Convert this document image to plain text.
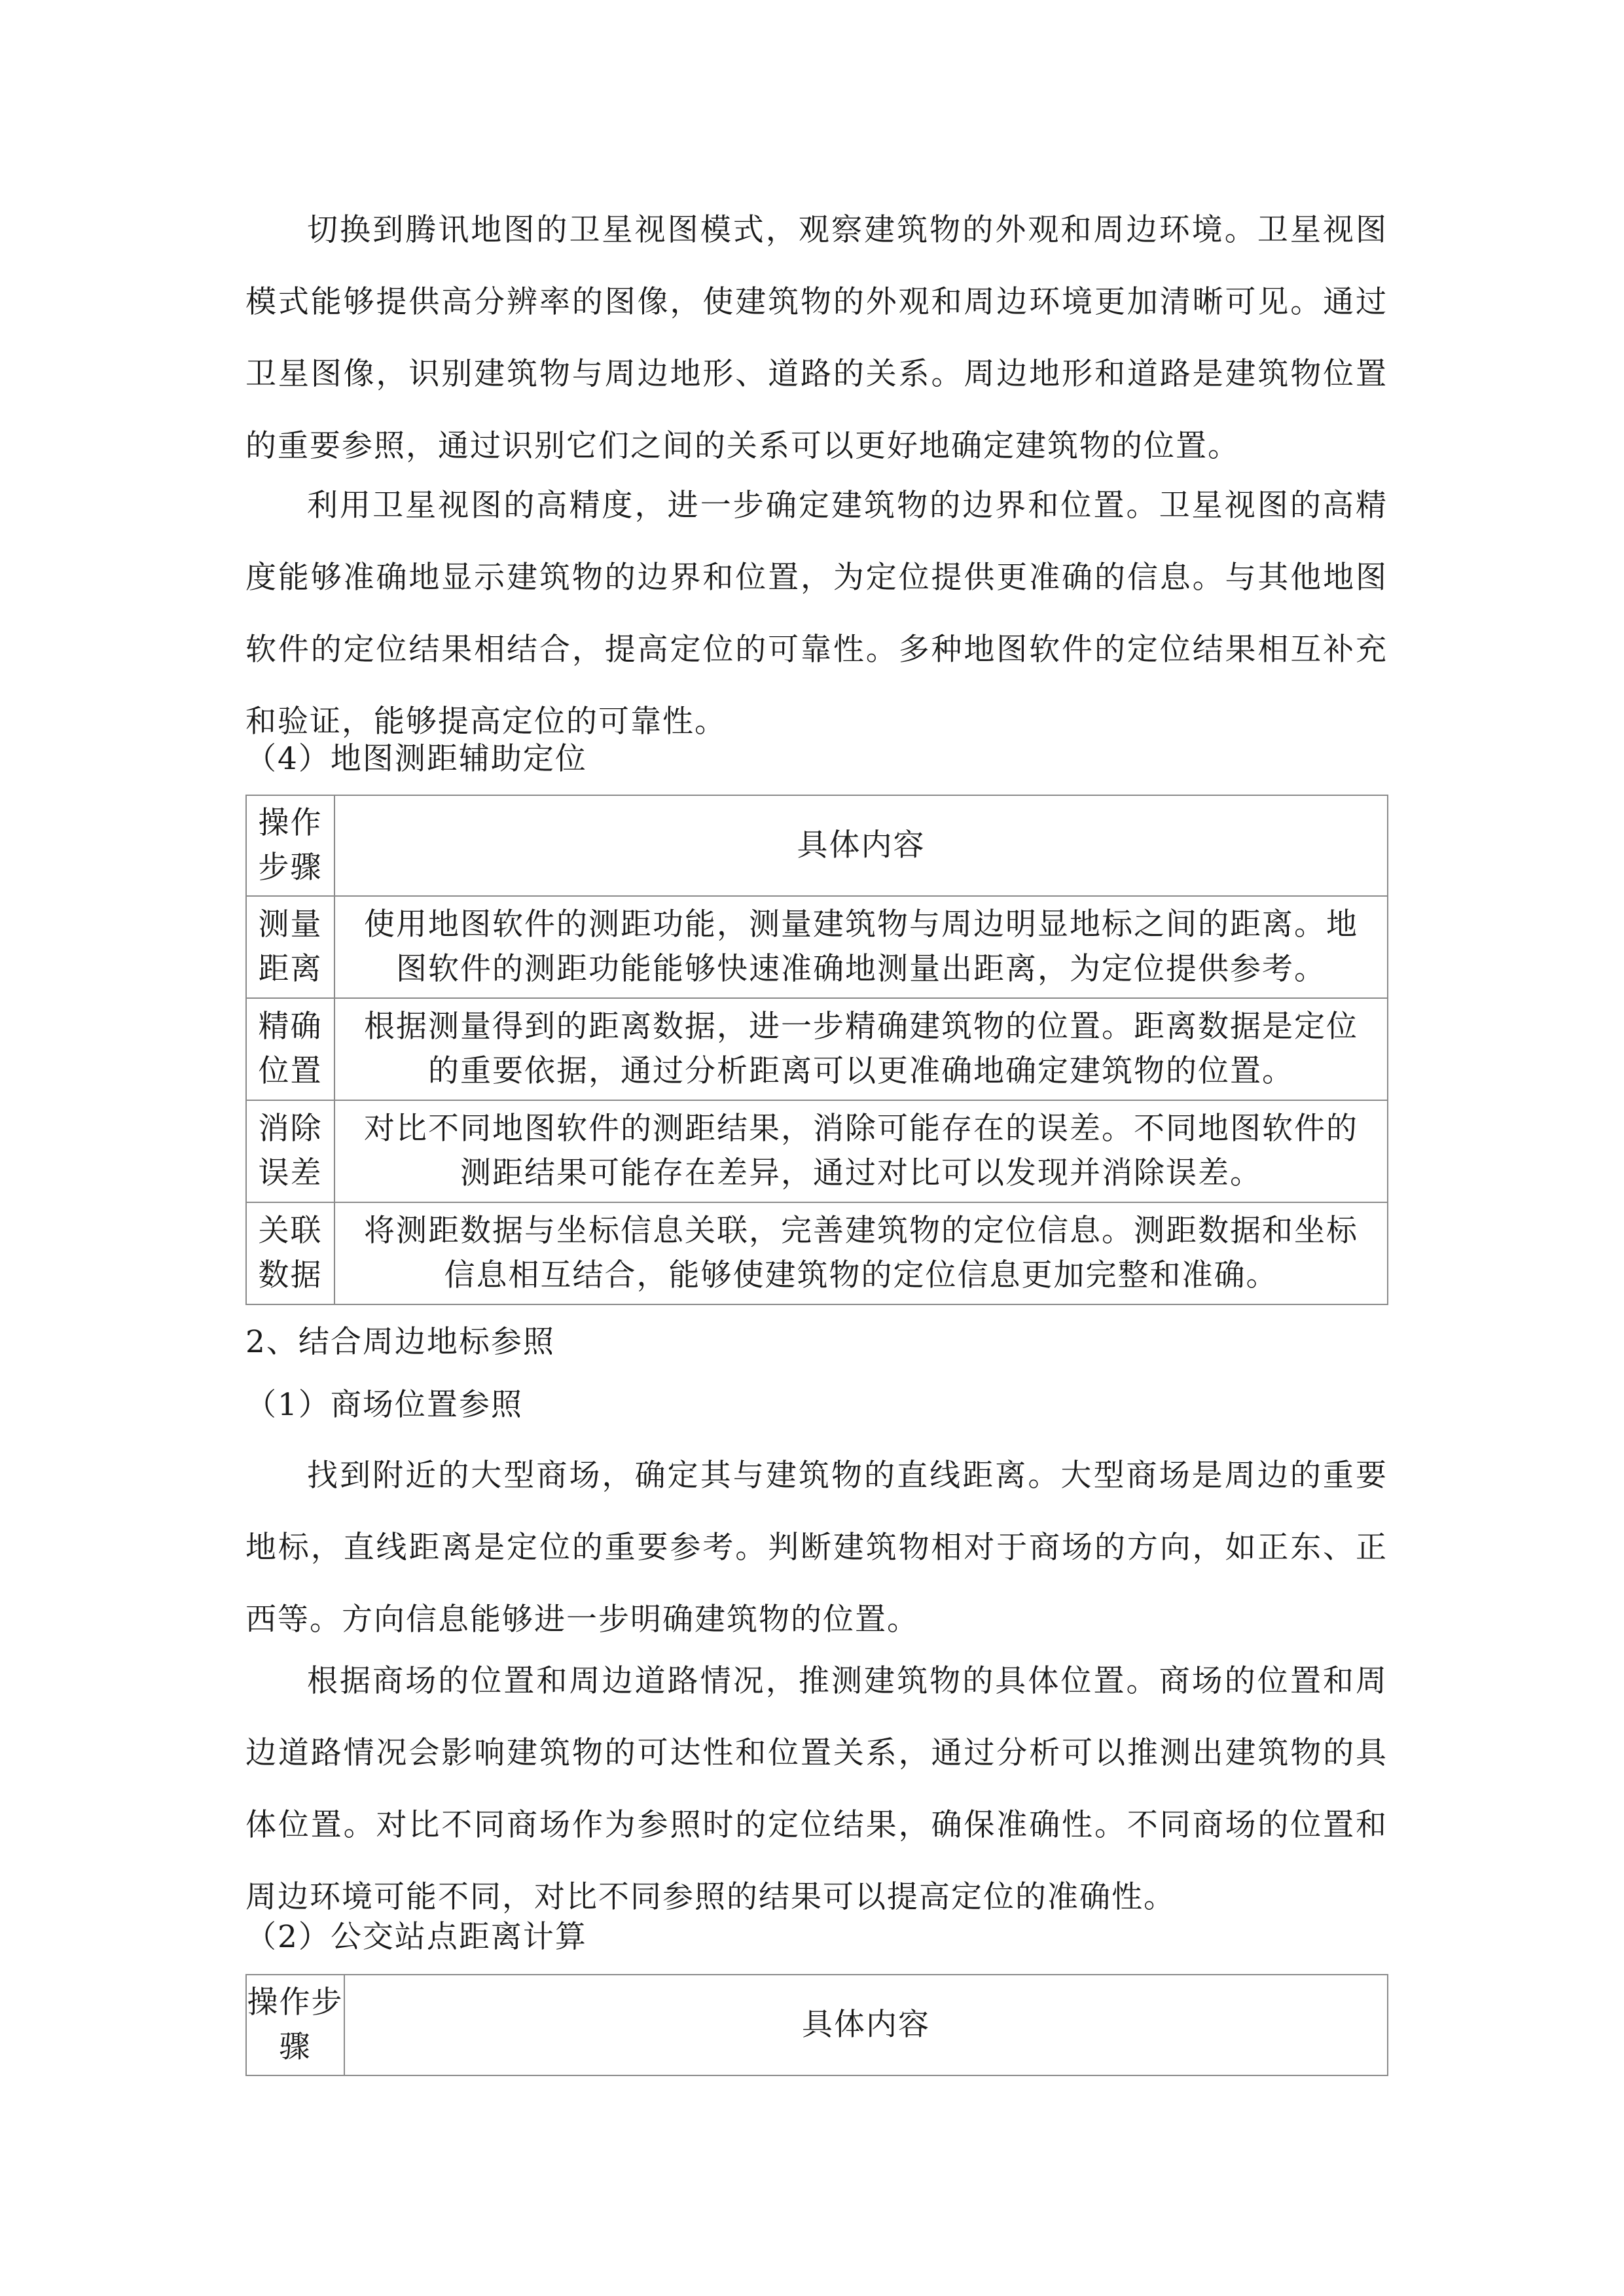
切换到腾讯地图的卫星视图模式，观察建筑物的外观和周边环境。卫星视图模式能够提供高分辨率的图像，使建筑物的外观和周边环境更加清晰可见。通过卫星图像，识别建筑物与周边地形、道路的关系。周边地形和道路是建筑物位置的重要参照，通过识别它们之间的关系可以更好地确定建筑物的位置。

利用卫星视图的高精度，进一步确定建筑物的边界和位置。卫星视图的高精度能够准确地显示建筑物的边界和位置，为定位提供更准确的信息。与其他地图软件的定位结果相结合，提高定位的可靠性。多种地图软件的定位结果相互补充和验证，能够提高定位的可靠性。

（4）地图测距辅助定位

操作步骤	具体内容
测量距离	使用地图软件的测距功能，测量建筑物与周边明显地标之间的距离。地图软件的测距功能能够快速准确地测量出距离，为定位提供参考。
精确位置	根据测量得到的距离数据，进一步精确建筑物的位置。距离数据是定位的重要依据，通过分析距离可以更准确地确定建筑物的位置。
消除误差	对比不同地图软件的测距结果，消除可能存在的误差。不同地图软件的测距结果可能存在差异，通过对比可以发现并消除误差。
关联数据	将测距数据与坐标信息关联，完善建筑物的定位信息。测距数据和坐标信息相互结合，能够使建筑物的定位信息更加完整和准确。

2、结合周边地标参照

（1）商场位置参照

找到附近的大型商场，确定其与建筑物的直线距离。大型商场是周边的重要地标，直线距离是定位的重要参考。判断建筑物相对于商场的方向，如正东、正西等。方向信息能够进一步明确建筑物的位置。

根据商场的位置和周边道路情况，推测建筑物的具体位置。商场的位置和周边道路情况会影响建筑物的可达性和位置关系，通过分析可以推测出建筑物的具体位置。对比不同商场作为参照时的定位结果，确保准确性。不同商场的位置和周边环境可能不同，对比不同参照的结果可以提高定位的准确性。

（2）公交站点距离计算

操作步骤	具体内容
